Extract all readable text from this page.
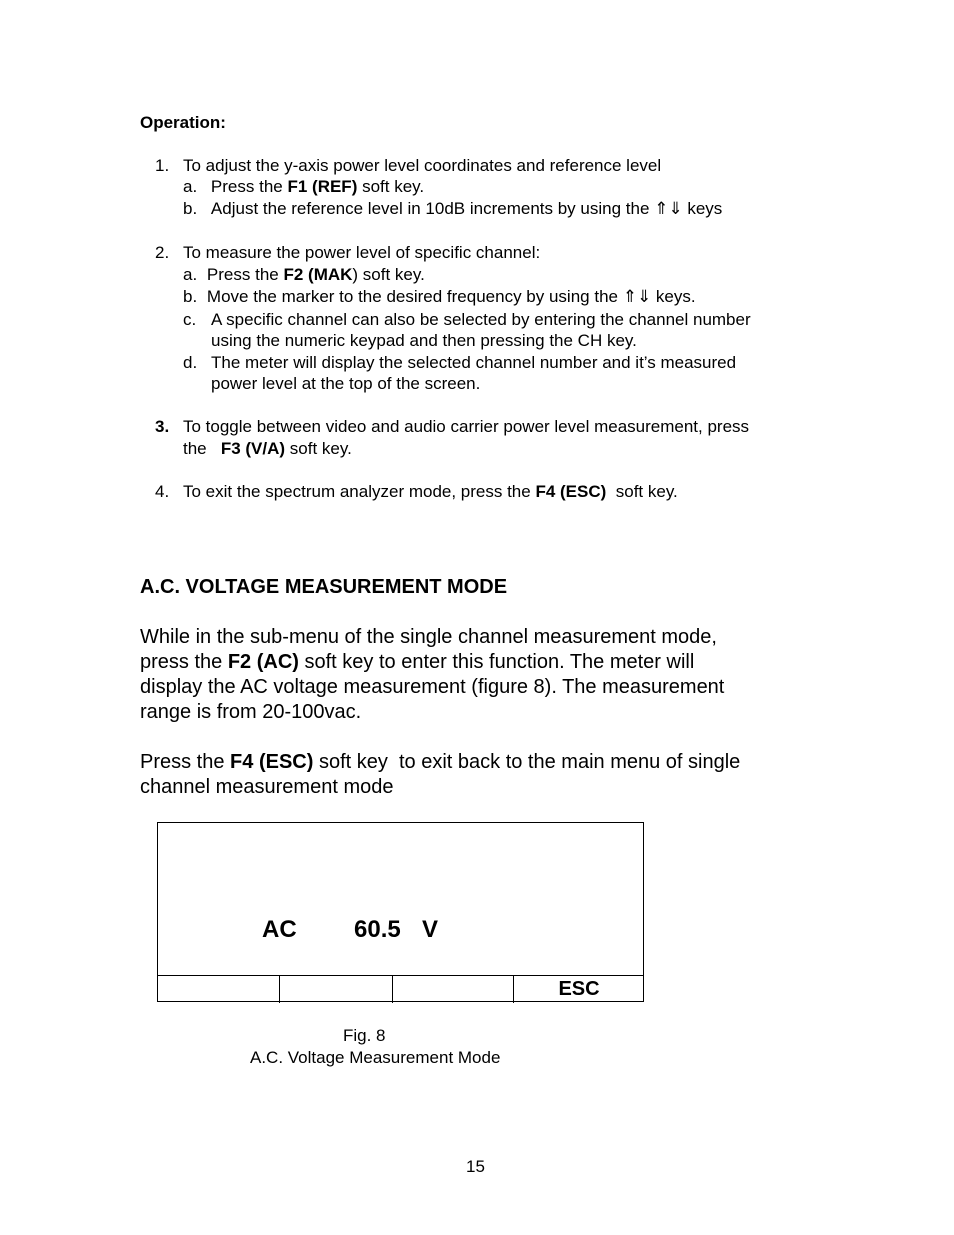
Operation:
1. To adjust the y-axis power level coordinates and reference level
a. Press the F1 (REF) soft key.
b. Adjust the reference level in 10dB increments by using the ⇑⇓ keys
2. To measure the power level of specific channel:
a. Press the F2 (MAK) soft key.
b. Move the marker to the desired frequency by using the ⇑⇓ keys.
c. A specific channel can also be selected by entering the channel number
using the numeric keypad and then pressing the CH key.
d. The meter will display the selected channel number and it’s measured
power level at the top of the screen.
3. To toggle between video and audio carrier power level measurement, press
the   F3 (V/A) soft key.
4. To exit the spectrum analyzer mode, press the F4 (ESC)  soft key.
A.C. VOLTAGE MEASUREMENT MODE
While in the sub-menu of the single channel measurement mode,
press the F2 (AC) soft key to enter this function. The meter will
display the AC voltage measurement (figure 8). The measurement
range is from 20-100vac.
Press the F4 (ESC) soft key  to exit back to the main menu of single
channel measurement mode
AC 60.5 V
ESC
Fig. 8
A.C. Voltage Measurement Mode
15
